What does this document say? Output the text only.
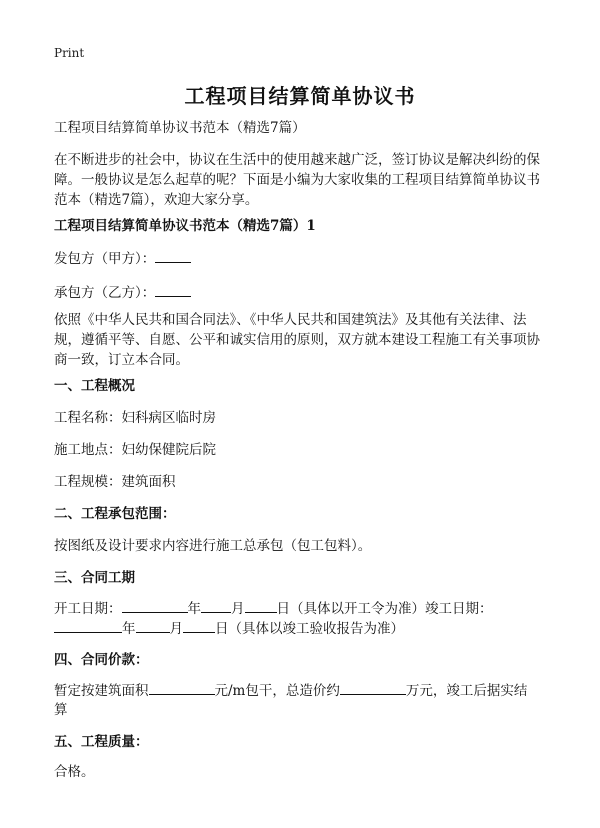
Print
工程项目结算简单协议书
工程项目结算简单协议书范本（精选7篇）
在不断进步的社会中，协议在生活中的使用越来越广泛，签订协议是解决纠纷的保障。一般协议是怎么起草的呢？下面是小编为大家收集的工程项目结算简单协议书范本（精选7篇），欢迎大家分享。
工程项目结算简单协议书范本（精选7篇）1
发包方（甲方）：
承包方（乙方）：
依照《中华人民共和国合同法》、《中华人民共和国建筑法》及其他有关法律、法规，遵循平等、自愿、公平和诚实信用的原则，双方就本建设工程施工有关事项协商一致，订立本合同。
一、工程概况
工程名称：妇科病区临时房
施工地点：妇幼保健院后院
工程规模：建筑面积
二、工程承包范围：
按图纸及设计要求内容进行施工总承包（包工包料）。
三、合同工期
开工日期：	年 月 日（具体以开工令为准）竣工日期：
年	月 日（具体以竣工验收报告为准）
四、合同价款：
暂定按建筑面积	元/m包干，总造价约	万元，竣工后据实结
算
五、工程质量：
合格。
